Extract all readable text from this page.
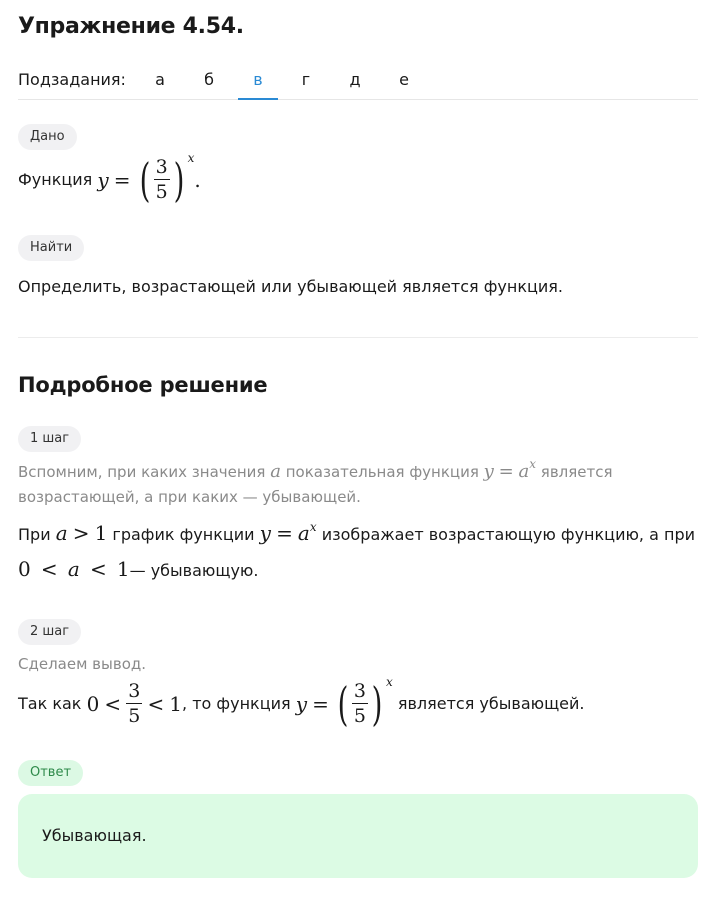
Упражнение 4.54.
Подзадания:	а	б	в	г	д	е
Дано
Функция
y
=
( $\frac{3}{5}$ ) x
.
Найти
Определить, возрастающей или убывающей является функция.
Подробное решение
1 шаг
Вспомним, при каких значения a показательная функция $y = a^x$ является
возрастающей, а при каких — убывающей.
При a > 1 график функции $y = a^x$ изображает возрастающую функцию, а при
0 < a < 1— убывающую.
2 шаг
Сделаем вывод.
Так как
0
<
$\frac{3}{5}$
<
1 ,
то функция
y
=
( $\frac{3}{5}$ ) x

является убывающей.
Ответ
Убывающая.
